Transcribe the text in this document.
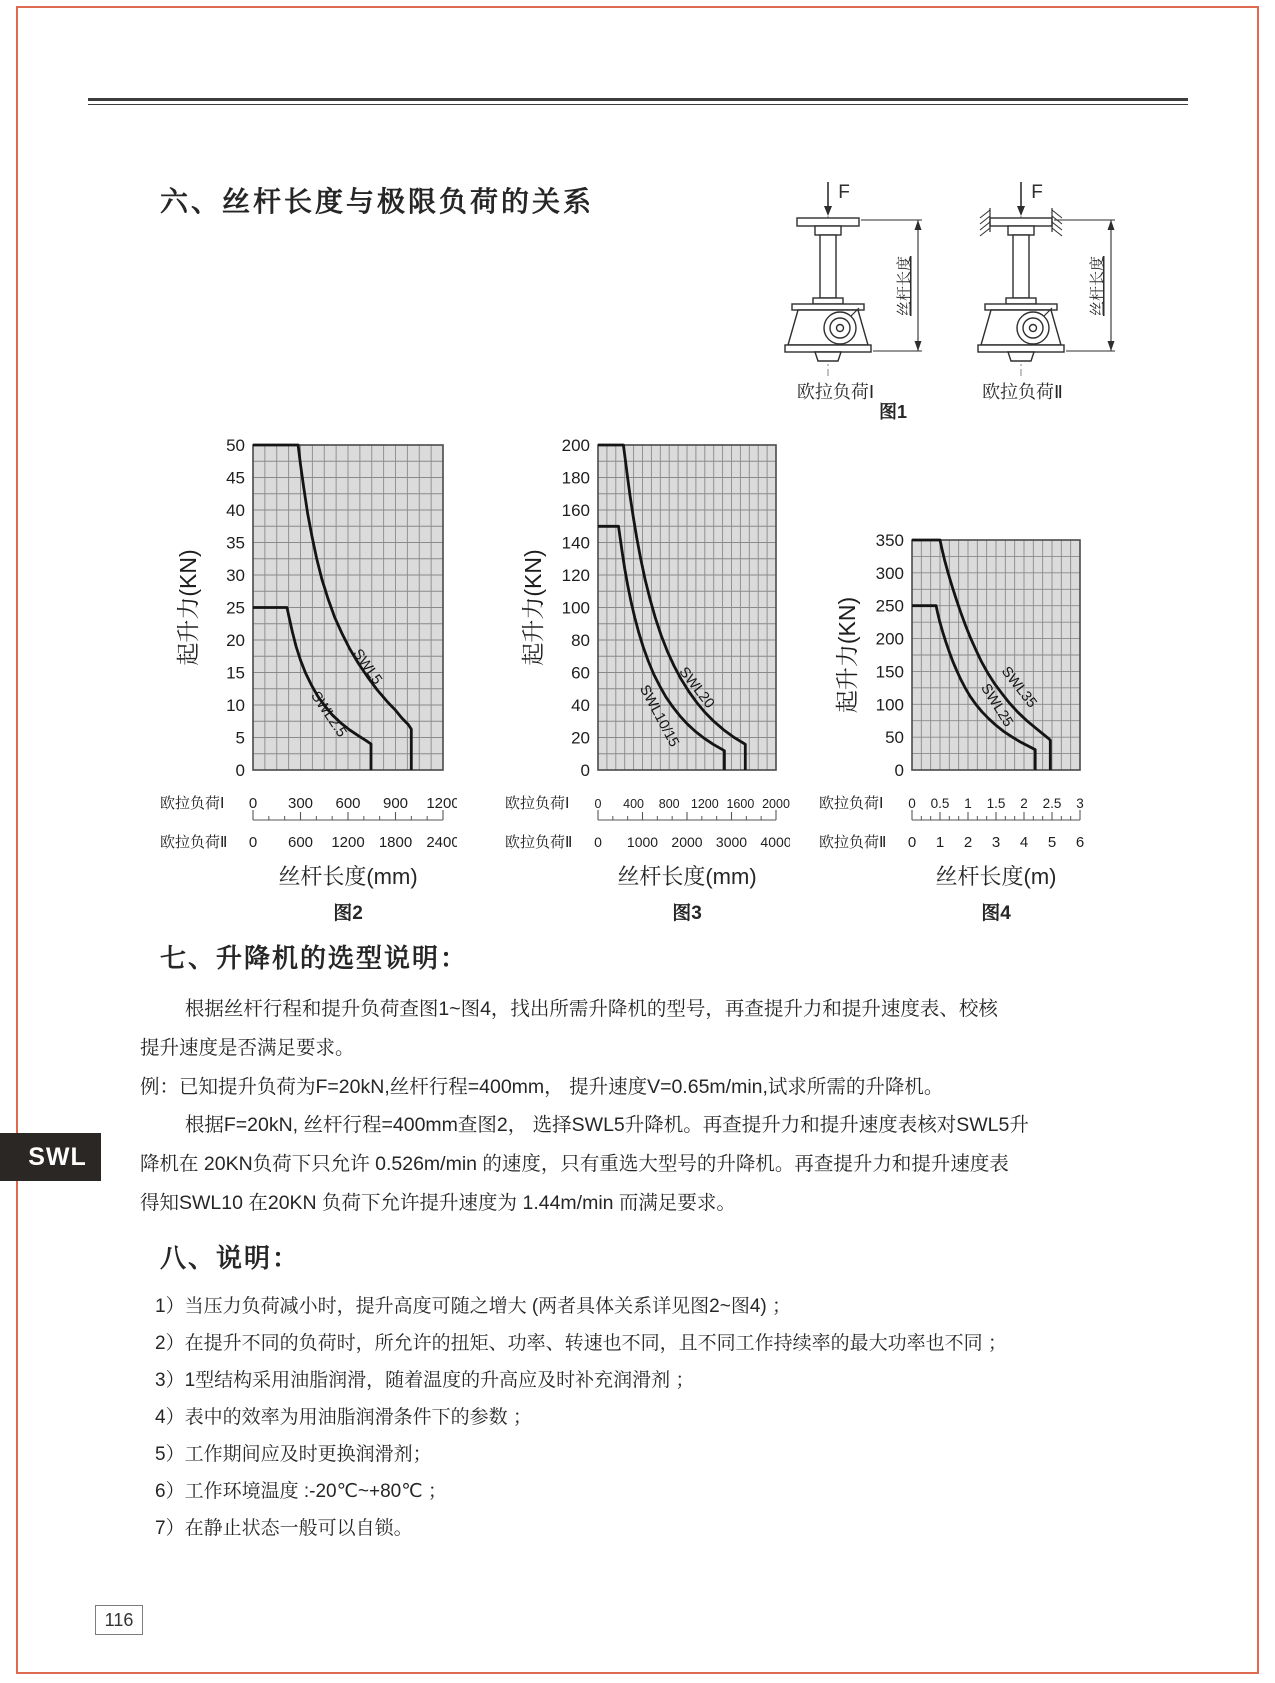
六、丝杆长度与极限负荷的关系	F
丝杆长度
F
丝杆长度
欧拉负荷Ⅰ	欧拉负荷Ⅱ
图1
0
5
10
15
20
25
30
35
40
45
50
起升力(KN)
SWL5
SWL2.5
欧拉负荷Ⅰ 0 300 600 900 1200
欧拉负荷Ⅱ 0 600 1200 1800 2400
0
20
40
60
80
100
120
140
160
180
200
起升力(KN)
SWL20
SWL10/15
欧拉负荷Ⅰ 0 400 800 1200 1600 2000
欧拉负荷Ⅱ 0 1000 2000 3000 4000
0
50
100
150
200
250
300
350
起升力(KN)	SWL35
SWL25
欧拉负荷Ⅰ 0 0.5 1 1.5 2 2.5 3
欧拉负荷Ⅱ 0 1 2 3 4 5 6
丝杆长度(mm)	丝杆长度(mm)	丝杆长度(m)
图2	图3	图4
七、升降机的选型说明：
根据丝杆行程和提升负荷查图1~图4，找出所需升降机的型号，再查提升力和提升速度表、校核
提升速度是否满足要求。
例：已知提升负荷为F=20kN,丝杆行程=400mm， 提升速度V=0.65m/min,试求所需的升降机。
根据F=20kN, 丝杆行程=400mm查图2， 选择SWL5升降机。再查提升力和提升速度表核对SWL5升
降机在 20KN负荷下只允许 0.526m/min 的速度，只有重选大型号的升降机。再查提升力和提升速度表
得知SWL10 在20KN 负荷下允许提升速度为 1.44m/min 而满足要求。
八、说明：
1）当压力负荷减小时，提升高度可随之增大 (两者具体关系详见图2~图4) ；
2）在提升不同的负荷时，所允许的扭矩、功率、转速也不同，且不同工作持续率的最大功率也不同 ；
3）1型结构采用油脂润滑，随着温度的升高应及时补充润滑剂 ；
4）表中的效率为用油脂润滑条件下的参数 ；
5）工作期间应及时更换润滑剂；
6）工作环境温度 :-20℃~+80℃ ；
7）在静止状态一般可以自锁。
SWL
116
